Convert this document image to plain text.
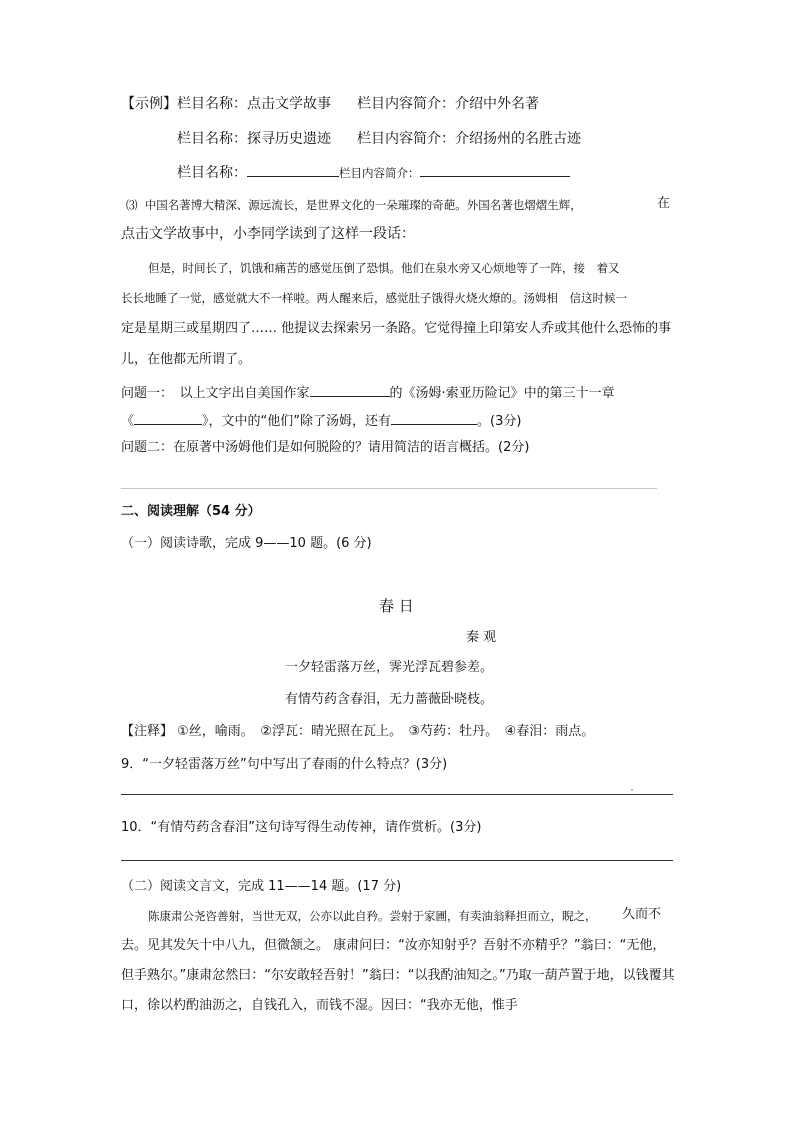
【示例】栏目名称：点击文学故事 栏目内容简介：介绍中外名著
栏目名称：探寻历史遗迹 栏目内容简介：介绍扬州的名胜古迹
栏目名称：	栏目内容简介：
⑶ 中国名著博大精深、源远流长，是世界文化的一朵璀璨的奇葩。外国名著也熠熠生辉，	在
点击文学故事中，小李同学读到了这样一段话：
但是，时间长了，饥饿和痛苦的感觉压倒了恐惧。他们在泉水旁又心烦地等了一阵，接　着又
长长地睡了一觉，感觉就大不一样啦。两人醒来后，感觉肚子饿得火烧火燎的。汤姆相　信这时候一
定是星期三或星期四了…… 他提议去探索另一条路。它觉得撞上印第安人乔或其他什么恐怖的事
儿，在他都无所谓了。
问题一：　以上文字出自美国作家	的《汤姆·索亚历险记》中的第三十一章
《	》，文中的“他们”除了汤姆，还有	。(3分)
问题二：在原著中汤姆他们是如何脱险的？请用简洁的语言概括。(2分)
二、阅读理解（54 分）
（一）阅读诗歌，完成 9——10 题。(6 分)
春 日
秦 观
一夕轻雷落万丝，霁光浮瓦碧参差。
有情芍药含春泪，无力蔷薇卧晓枝。
【注释】 ①丝，喻雨。　②浮瓦：晴光照在瓦上。　③芍药：牡丹。　④春泪：雨点。
9．“一夕轻雷落万丝”句中写出了春雨的什么特点？(3分)
10．“有情芍药含春泪”这句诗写得生动传神，请作赏析。(3分)
（二）阅读文言文，完成 11——14 题。(17 分)
陈康肃公尧咨善射，当世无双，公亦以此自矜。尝射于家圃，有卖油翁释担而立，睨之， 久而不
去。见其发矢十中八九，但微颔之。 康肃问曰：“汝亦知射乎？吾射不亦精乎？”翁曰：“无他，
但手熟尔。”康肃忿然曰：“尔安敢轻吾射！”翁曰：“以我酌油知之。”乃取一葫芦置于地，以钱覆其
口，徐以杓酌油沥之，自钱孔入，而钱不湿。因曰：“我亦无他，惟手
